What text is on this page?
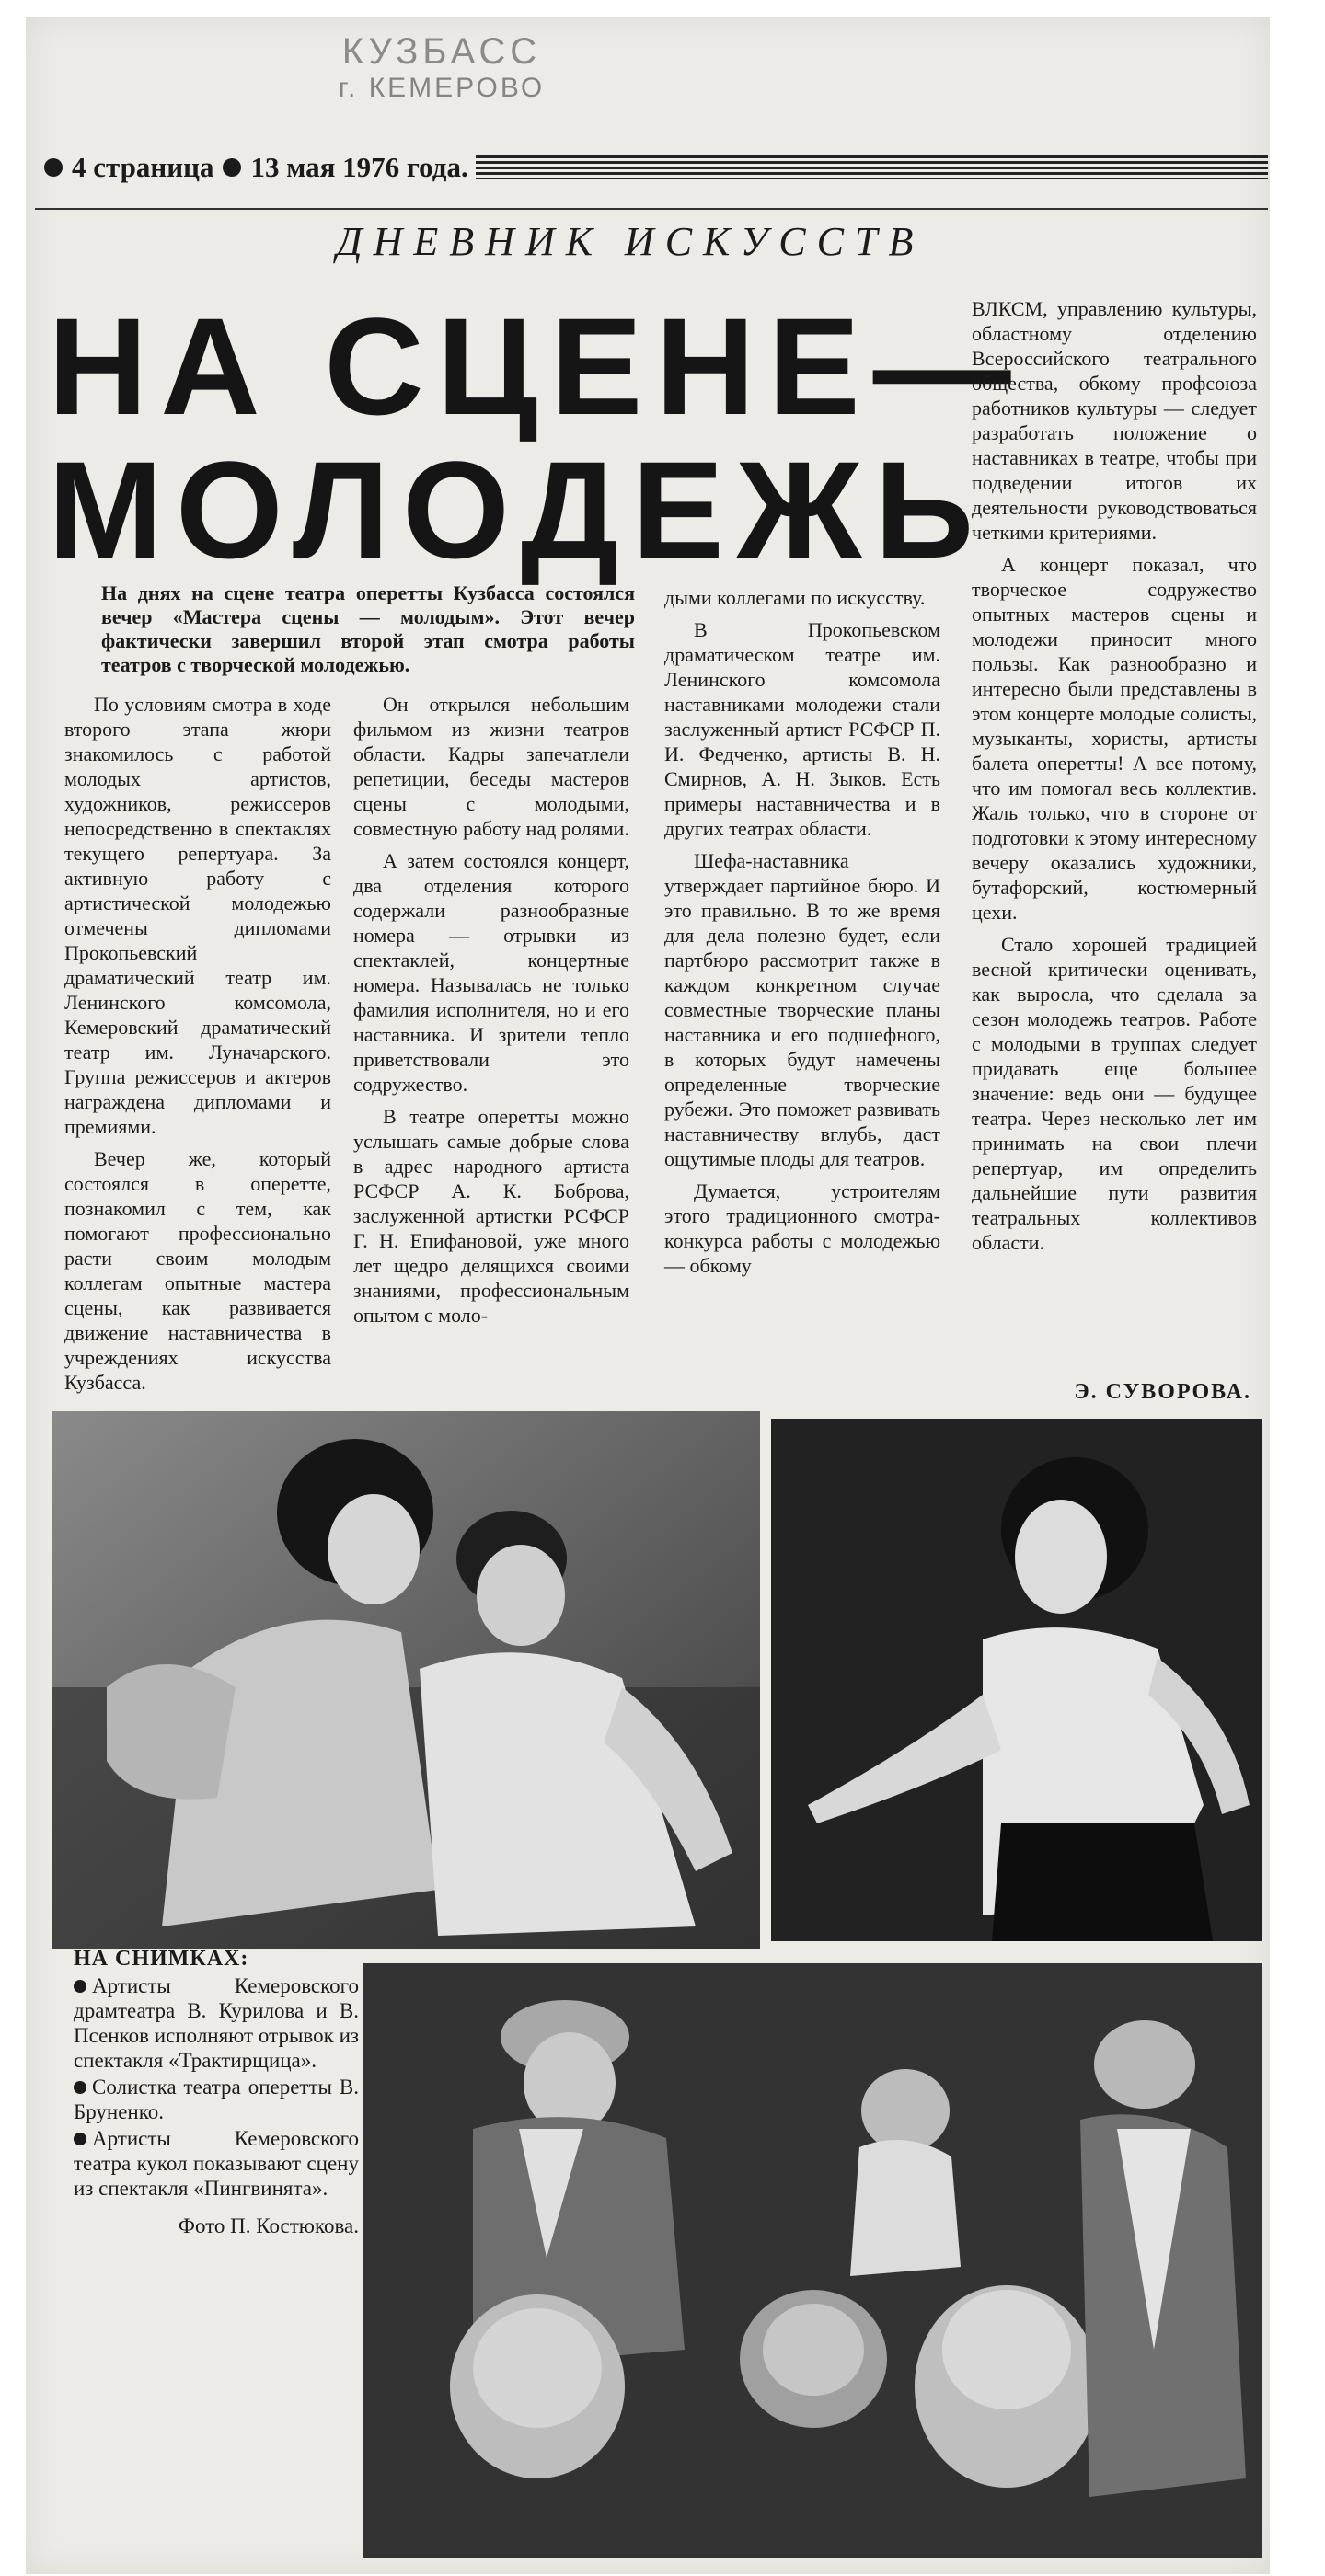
КУЗБАСС
г. КЕМЕРОВО
4 страница 13 мая 1976 года.
ДНЕВНИК ИСКУССТВ
НА СЦЕНЕ—
МОЛОДЕЖЬ
На днях на сцене театра оперетты Кузбасса состоялся вечер «Мастера сцены — молодым». Этот вечер фактически завершил второй этап смотра работы театров с творческой молодежью.

По условиям смотра в ходе второго этапа жюри знакомилось с работой молодых артистов, художников, режиссеров непосредственно в спектаклях текущего репертуара. За активную работу с артистической молодежью отмечены дипломами Прокопьевский драматический театр им. Ленинского комсомола, Кемеровский драматический театр им. Луначарского. Группа режиссеров и актеров награждена дипломами и премиями.

Вечер же, который состоялся в оперетте, познакомил с тем, как помогают профессионально расти своим молодым коллегам опытные мастера сцены, как развивается движение наставничества в учреждениях искусства Кузбасса.

Он открылся небольшим фильмом из жизни театров области. Кадры запечатлели репетиции, беседы мастеров сцены с молодыми, совместную работу над ролями.

А затем состоялся концерт, два отделения которого содержали разнообразные номера — отрывки из спектаклей, концертные номера. Называлась не только фамилия исполнителя, но и его наставника. И зрители тепло приветствовали это содружество.

В театре оперетты можно услышать самые добрые слова в адрес народного артиста РСФСР А. К. Боброва, заслуженной артистки РСФСР Г. Н. Епифановой, уже много лет щедро делящихся своими знаниями, профессиональным опытом с моло-

дыми коллегами по искусству.

В Прокопьевском драматическом театре им. Ленинского комсомола наставниками молодежи стали заслуженный артист РСФСР П. И. Федченко, артисты В. Н. Смирнов, А. Н. Зыков. Есть примеры наставничества и в других театрах области.

Шефа-наставника утверждает партийное бюро. И это правильно. В то же время для дела полезно будет, если партбюро рассмотрит также в каждом конкретном случае совместные творческие планы наставника и его подшефного, в которых будут намечены определенные творческие рубежи. Это поможет развивать наставничеству вглубь, даст ощутимые плоды для театров.

Думается, устроителям этого традиционного смотра-конкурса работы с молодежью — обкому

ВЛКСМ, управлению культуры, областному отделению Всероссийского театрального общества, обкому профсоюза работников культуры — следует разработать положение о наставниках в театре, чтобы при подведении итогов их деятельности руководствоваться четкими критериями.

А концерт показал, что творческое содружество опытных мастеров сцены и молодежи приносит много пользы. Как разнообразно и интересно были представлены в этом концерте молодые солисты, музыканты, хористы, артисты балета оперетты! А все потому, что им помогал весь коллектив. Жаль только, что в стороне от подготовки к этому интересному вечеру оказались художники, бутафорский, костюмерный цехи.

Стало хорошей традицией весной критически оценивать, как выросла, что сделала за сезон молодежь театров. Работе с молодыми в труппах следует придавать еще большее значение: ведь они — будущее театра. Через несколько лет им принимать на свои плечи репертуар, им определить дальнейшие пути развития театральных коллективов области.

Э. СУВОРОВА.
НА СНИМКАХ:
Артисты Кемеровского драмтеатра В. Курилова и В. Псенков исполняют отрывок из спектакля «Трактирщица».
Солистка театра оперетты В. Бруненко.
Артисты Кемеровского театра кукол показывают сцену из спектакля «Пингвинята».
Фото П. Костюкова.
